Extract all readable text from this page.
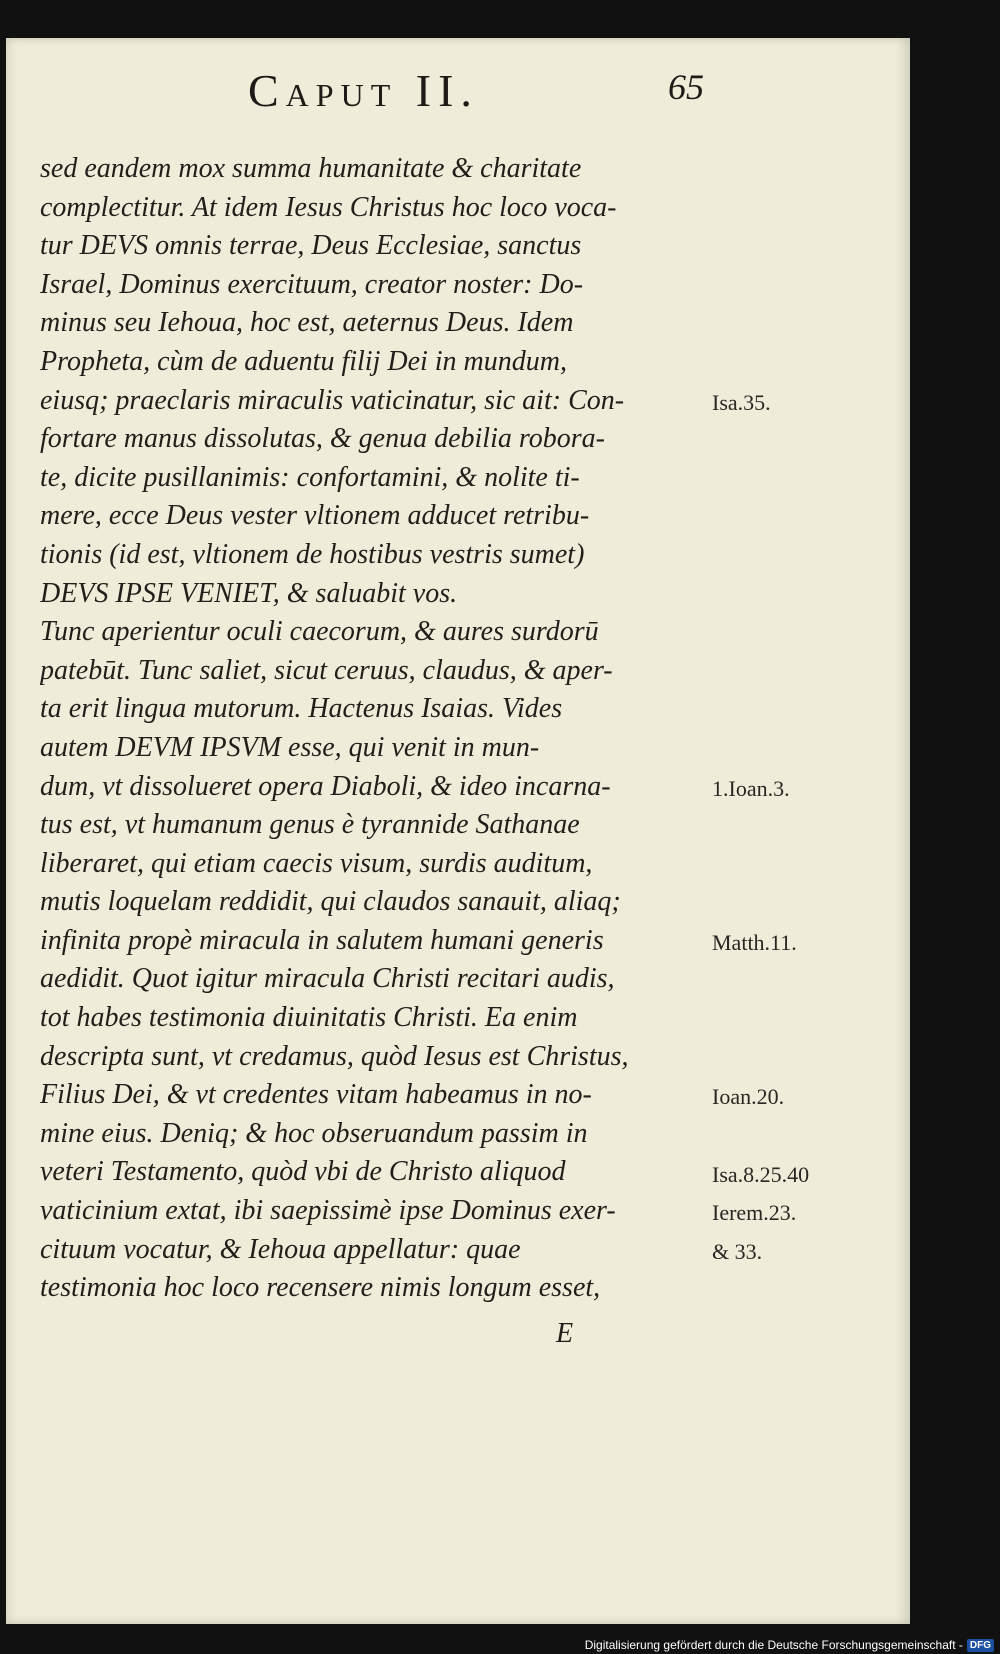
Caput II.	65
sed eandem mox summa humanitate & charitate
complectitur. At idem Iesus Christus hoc loco voca-
tur DEVS omnis terrae, Deus Ecclesiae, sanctus
Israel, Dominus exercituum, creator noster: Do-
minus seu Iehoua, hoc est, aeternus Deus. Idem
Propheta, cùm de aduentu filij Dei in mundum,
eiusq; praeclaris miraculis vaticinatur, sic ait: Con-
fortare manus dissolutas, & genua debilia robora-
te, dicite pusillanimis: confortamini, & nolite ti-
mere, ecce Deus vester vltionem adducet retribu-
tionis (id est, vltionem de hostibus vestris sumet)
DEVS IPSE VENIET, & saluabit vos.
Tunc aperientur oculi caecorum, & aures surdorū
patebūt. Tunc saliet, sicut ceruus, claudus, & aper-
ta erit lingua mutorum. Hactenus Isaias. Vides
autem DEVM IPSVM esse, qui venit in mun-
dum, vt dissolueret opera Diaboli, & ideo incarna-
tus est, vt humanum genus è tyrannide Sathanae
liberaret, qui etiam caecis visum, surdis auditum,
mutis loquelam reddidit, qui claudos sanauit, aliaq;
infinita propè miracula in salutem humani generis
aedidit. Quot igitur miracula Christi recitari audis,
tot habes testimonia diuinitatis Christi. Ea enim
descripta sunt, vt credamus, quòd Iesus est Christus,
Filius Dei, & vt credentes vitam habeamus in no-
mine eius. Deniq; & hoc obseruandum passim in
veteri Testamento, quòd vbi de Christo aliquod
vaticinium extat, ibi saepissimè ipse Dominus exer-
cituum vocatur, & Iehoua appellatur: quae
testimonia hoc loco recensere nimis longum esset,
E
Isa.35.
1.Ioan.3.
Matth.11.
Ioan.20.
Isa.8.25.40
Ierem.23.
& 33.
Digitalisierung gefördert durch die Deutsche Forschungsgemeinschaft - DFG
